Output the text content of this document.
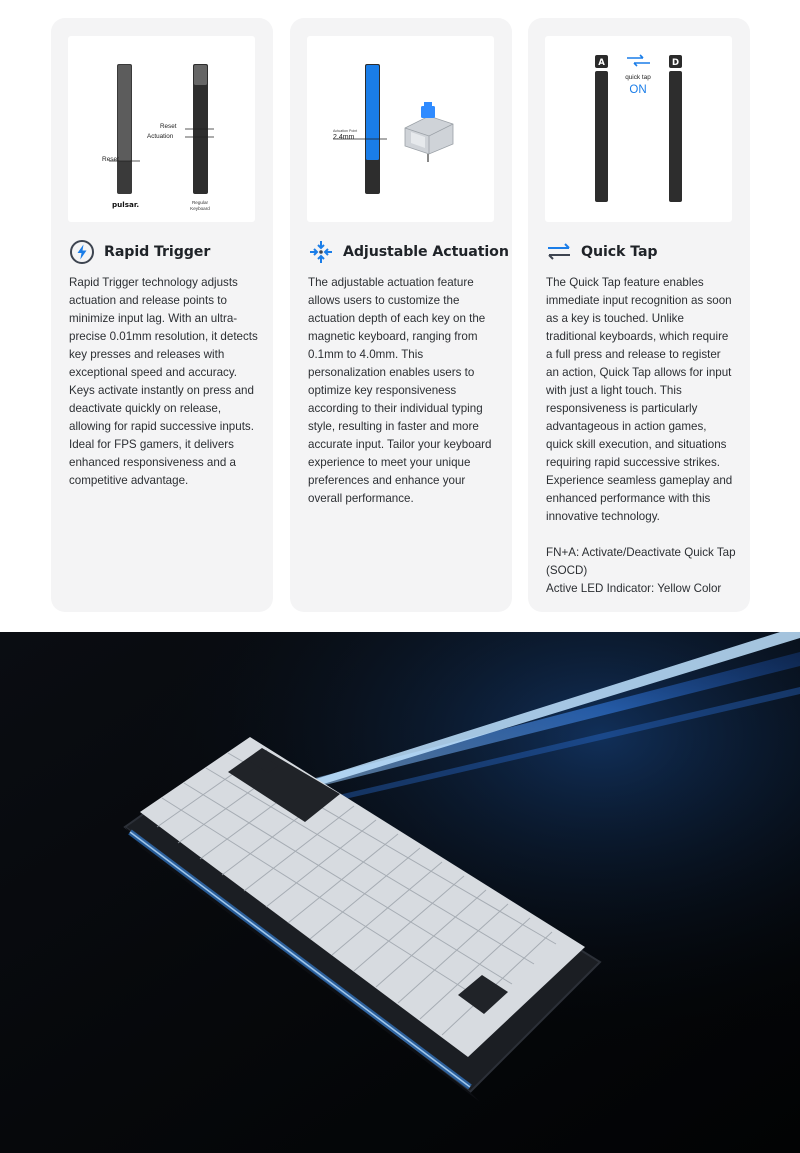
Reset
Reset
Actuation
pulsar.	Regular
Keyboard
Rapid Trigger

Rapid Trigger technology adjusts actuation and release points to minimize input lag. With an ultra-precise 0.01mm resolution, it detects key presses and releases with exceptional speed and accuracy. Keys activate instantly on press and deactivate quickly on release, allowing for rapid successive inputs. Ideal for FPS gamers, it delivers enhanced responsiveness and a competitive advantage.

Actuation Point
2.4mm
Adjustable Actuation

The adjustable actuation feature allows users to customize the actuation depth of each key on the magnetic keyboard, ranging from 0.1mm to 4.0mm. This personalization enables users to optimize key responsiveness according to their individual typing style, resulting in faster and more accurate input. Tailor your keyboard experience to meet your unique preferences and enhance your overall performance.

A	D
quick tap
ON
Quick Tap

The Quick Tap feature enables immediate input recognition as soon as a key is touched. Unlike traditional keyboards, which require a full press and release to register an action, Quick Tap allows for input with just a light touch. This responsiveness is particularly advantageous in action games, quick skill execution, and situations requiring rapid successive strikes. Experience seamless gameplay and enhanced performance with this innovative technology.

FN+A: Activate/Deactivate Quick Tap (SOCD)

Active LED Indicator: Yellow Color
